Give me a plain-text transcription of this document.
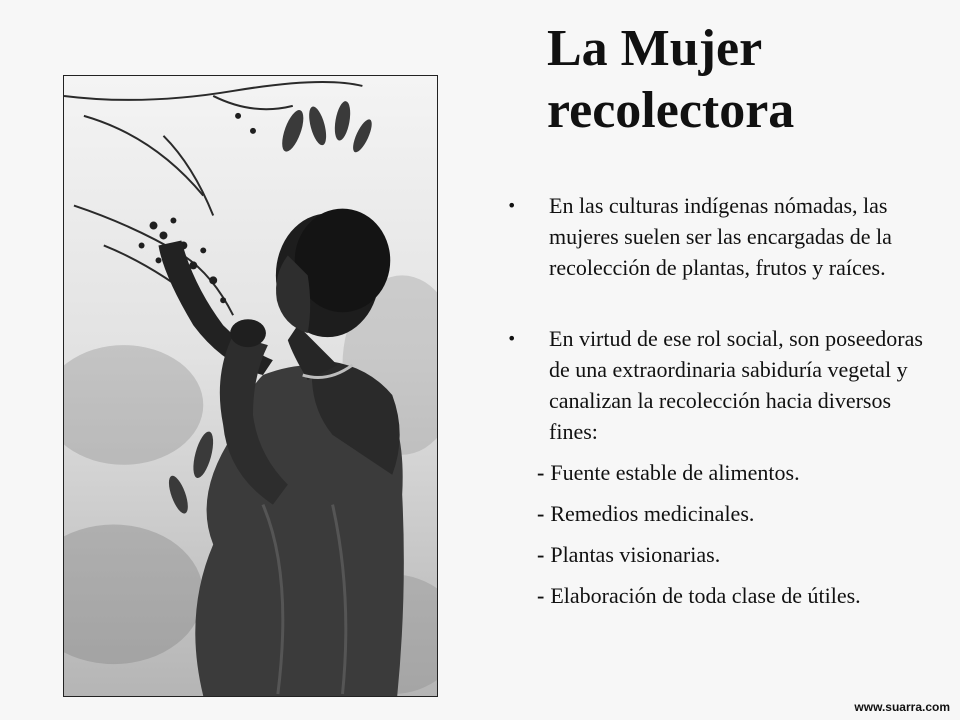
La Mujer
recolectora
• En las culturas indígenas nómadas, las mujeres suelen ser las encargadas de la recolección de plantas, frutos y raíces.
• En virtud de ese rol social, son poseedoras de una extraordinaria sabiduría vegetal y canalizan la recolección hacia diversos fines:
- Fuente estable de alimentos.
- Remedios medicinales.
- Plantas visionarias.
- Elaboración de toda clase de útiles.
www.suarra.com
